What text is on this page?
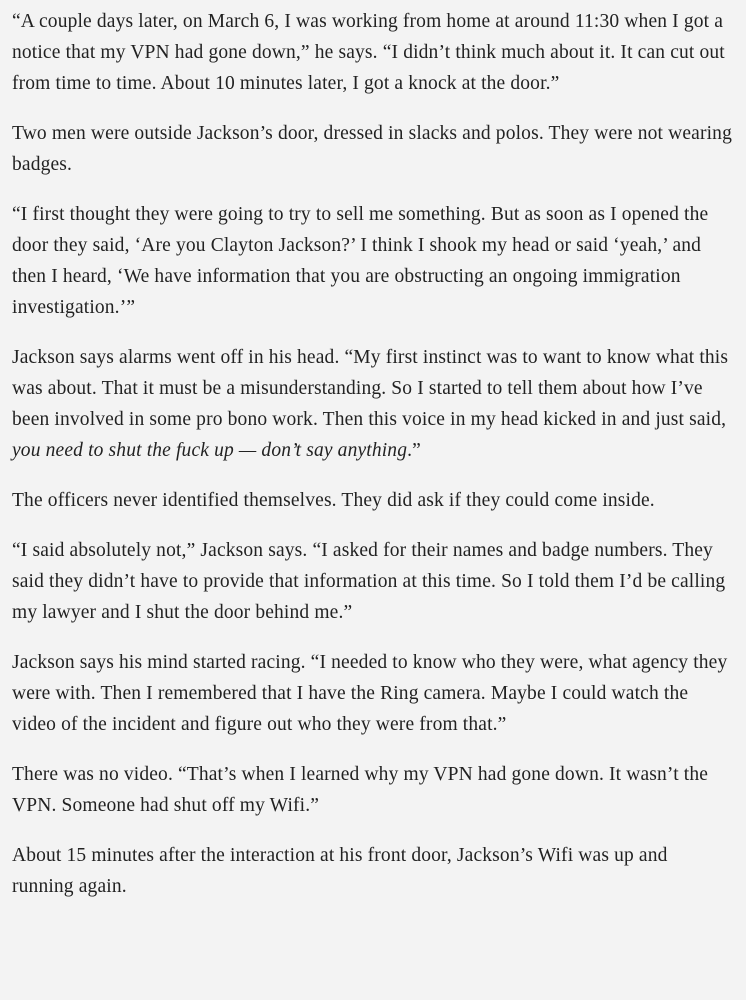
“A couple days later, on March 6, I was working from home at around 11:30 when I got a notice that my VPN had gone down,” he says. “I didn’t think much about it. It can cut out from time to time. About 10 minutes later, I got a knock at the door.”

Two men were outside Jackson’s door, dressed in slacks and polos. They were not wearing badges.

“I first thought they were going to try to sell me something. But as soon as I opened the door they said, ‘Are you Clayton Jackson?’ I think I shook my head or said ‘yeah,’ and then I heard, ‘We have information that you are obstructing an ongoing immigration investigation.’”

Jackson says alarms went off in his head. “My first instinct was to want to know what this was about. That it must be a misunderstanding. So I started to tell them about how I’ve been involved in some pro bono work. Then this voice in my head kicked in and just said, you need to shut the fuck up — don’t say anything.”

The officers never identified themselves. They did ask if they could come inside.

“I said absolutely not,” Jackson says. “I asked for their names and badge numbers. They said they didn’t have to provide that information at this time. So I told them I’d be calling my lawyer and I shut the door behind me.”

Jackson says his mind started racing. “I needed to know who they were, what agency they were with. Then I remembered that I have the Ring camera. Maybe I could watch the video of the incident and figure out who they were from that.”

There was no video. “That’s when I learned why my VPN had gone down. It wasn’t the VPN. Someone had shut off my Wifi.”

About 15 minutes after the interaction at his front door, Jackson’s Wifi was up and running again.
